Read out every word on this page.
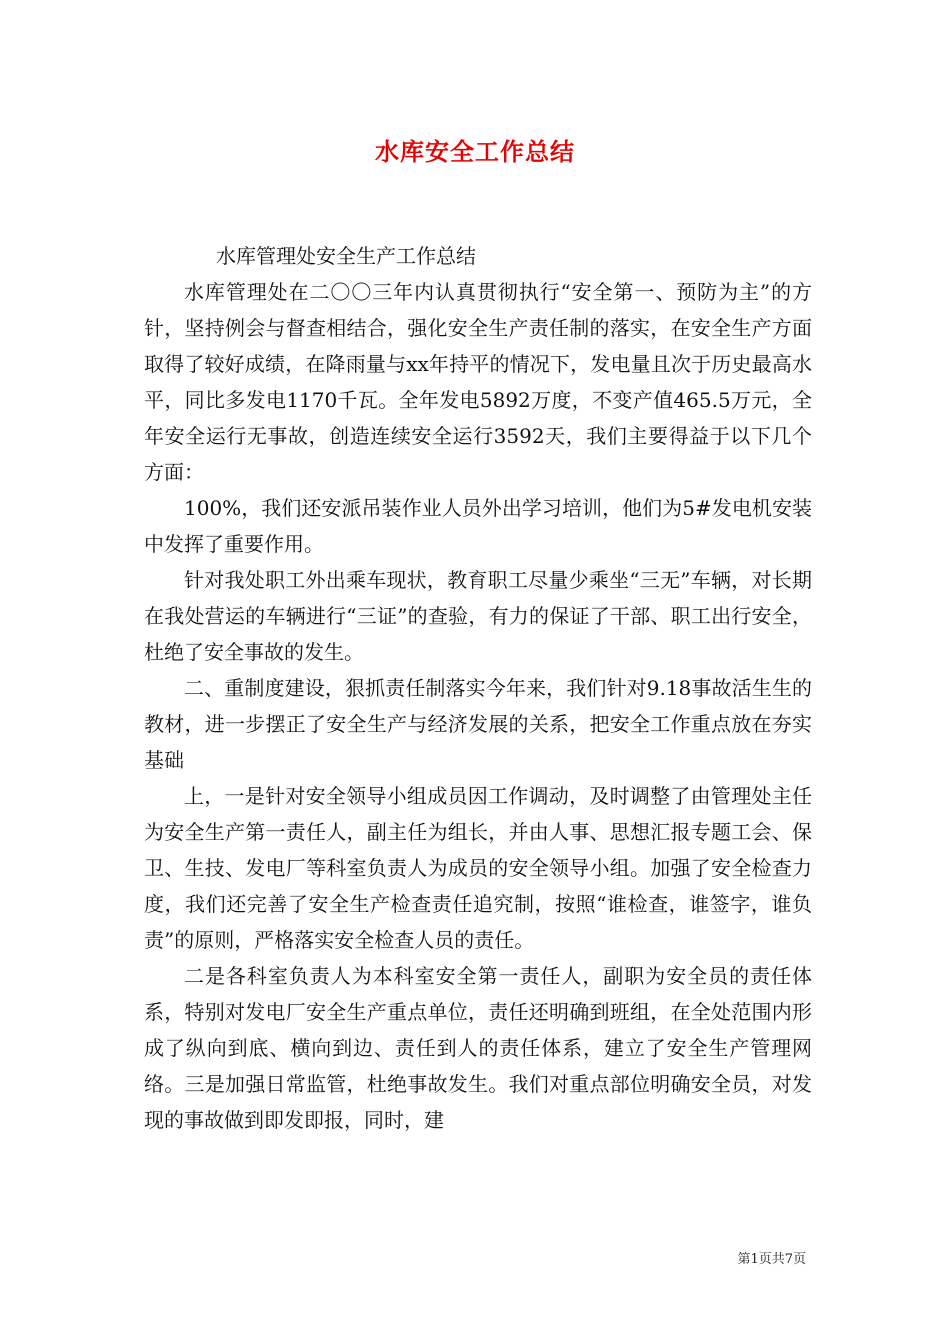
水库安全工作总结

水库管理处安全生产工作总结

水库管理处在二〇〇三年内认真贯彻执行“安全第一、预防为主”的方针，坚持例会与督查相结合，强化安全生产责任制的落实，在安全生产方面取得了较好成绩，在降雨量与xx年持平的情况下，发电量且次于历史最高水平，同比多发电1170千瓦。全年发电5892万度，不变产值465.5万元，全年安全运行无事故，创造连续安全运行3592天，我们主要得益于以下几个方面：

100%，我们还安派吊装作业人员外出学习培训，他们为5#发电机安装中发挥了重要作用。

针对我处职工外出乘车现状，教育职工尽量少乘坐“三无”车辆，对长期在我处营运的车辆进行“三证”的查验，有力的保证了干部、职工出行安全，杜绝了安全事故的发生。

二、重制度建设，狠抓责任制落实今年来，我们针对9.18事故活生生的教材，进一步摆正了安全生产与经济发展的关系，把安全工作重点放在夯实基础

上，一是针对安全领导小组成员因工作调动，及时调整了由管理处主任为安全生产第一责任人，副主任为组长，并由人事、思想汇报专题工会、保卫、生技、发电厂等科室负责人为成员的安全领导小组。加强了安全检查力度，我们还完善了安全生产检查责任追究制，按照“谁检查，谁签字，谁负责”的原则，严格落实安全检查人员的责任。

二是各科室负责人为本科室安全第一责任人，副职为安全员的责任体系，特别对发电厂安全生产重点单位，责任还明确到班组，在全处范围内形成了纵向到底、横向到边、责任到人的责任体系，建立了安全生产管理网络。三是加强日常监管，杜绝事故发生。我们对重点部位明确安全员，对发现的事故做到即发即报，同时，建

第1页共7页
